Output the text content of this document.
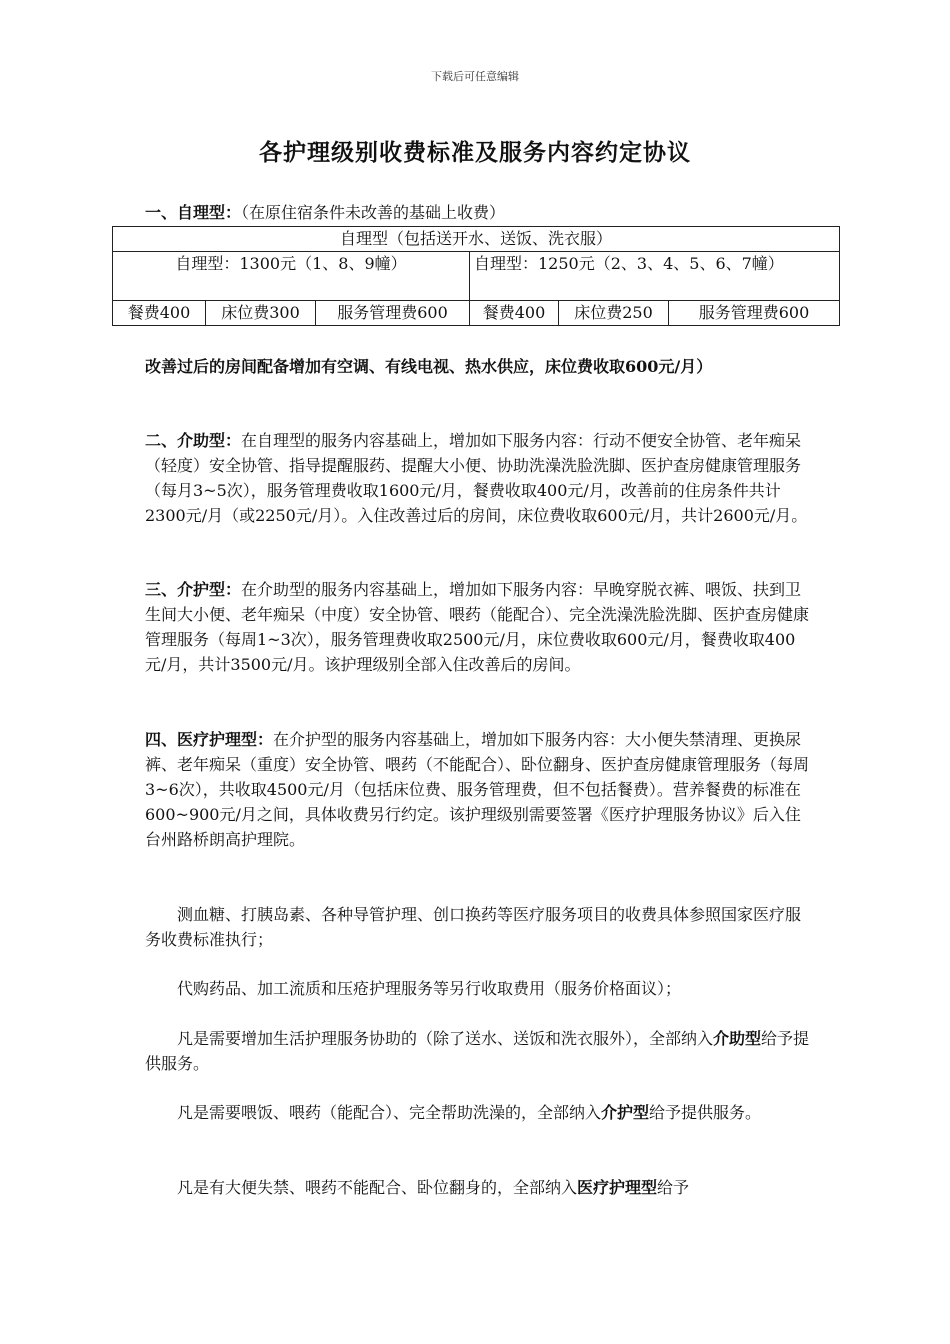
下载后可任意编辑
各护理级别收费标准及服务内容约定协议
一、自理型：（在原住宿条件未改善的基础上收费）
自理型（包括送开水、送饭、洗衣服）					
自理型：1300元（1、8、9幢）			自理型：1250元（2、3、4、5、6、7幢）		
餐费400	床位费300	服务管理费600	餐费400	床位费250	服务管理费600

改善过后的房间配备增加有空调、有线电视、热水供应，床位费收取600元/月）

二、介助型：在自理型的服务内容基础上，增加如下服务内容：行动不便安全协管、老年痴呆（轻度）安全协管、指导提醒服药、提醒大小便、协助洗澡洗脸洗脚、医护查房健康管理服务（每月3~5次），服务管理费收取1600元/月，餐费收取400元/月，改善前的住房条件共计2300元/月（或2250元/月）。入住改善过后的房间，床位费收取600元/月，共计2600元/月。

三、介护型：在介助型的服务内容基础上，增加如下服务内容：早晚穿脱衣裤、喂饭、扶到卫生间大小便、老年痴呆（中度）安全协管、喂药（能配合）、完全洗澡洗脸洗脚、医护查房健康管理服务（每周1~3次），服务管理费收取2500元/月，床位费收取600元/月，餐费收取400元/月，共计3500元/月。该护理级别全部入住改善后的房间。

四、医疗护理型：在介护型的服务内容基础上，增加如下服务内容：大小便失禁清理、更换尿裤、老年痴呆（重度）安全协管、喂药（不能配合）、卧位翻身、医护查房健康管理服务（每周3~6次），共收取4500元/月（包括床位费、服务管理费，但不包括餐费）。营养餐费的标准在600~900元/月之间，具体收费另行约定。该护理级别需要签署《医疗护理服务协议》后入住台州路桥朗高护理院。

测血糖、打胰岛素、各种导管护理、创口换药等医疗服务项目的收费具体参照国家医疗服务收费标准执行；

代购药品、加工流质和压疮护理服务等另行收取费用（服务价格面议）；

凡是需要增加生活护理服务协助的（除了送水、送饭和洗衣服外），全部纳入介助型给予提供服务。

凡是需要喂饭、喂药（能配合）、完全帮助洗澡的，全部纳入介护型给予提供服务。

凡是有大便失禁、喂药不能配合、卧位翻身的，全部纳入医疗护理型给予
